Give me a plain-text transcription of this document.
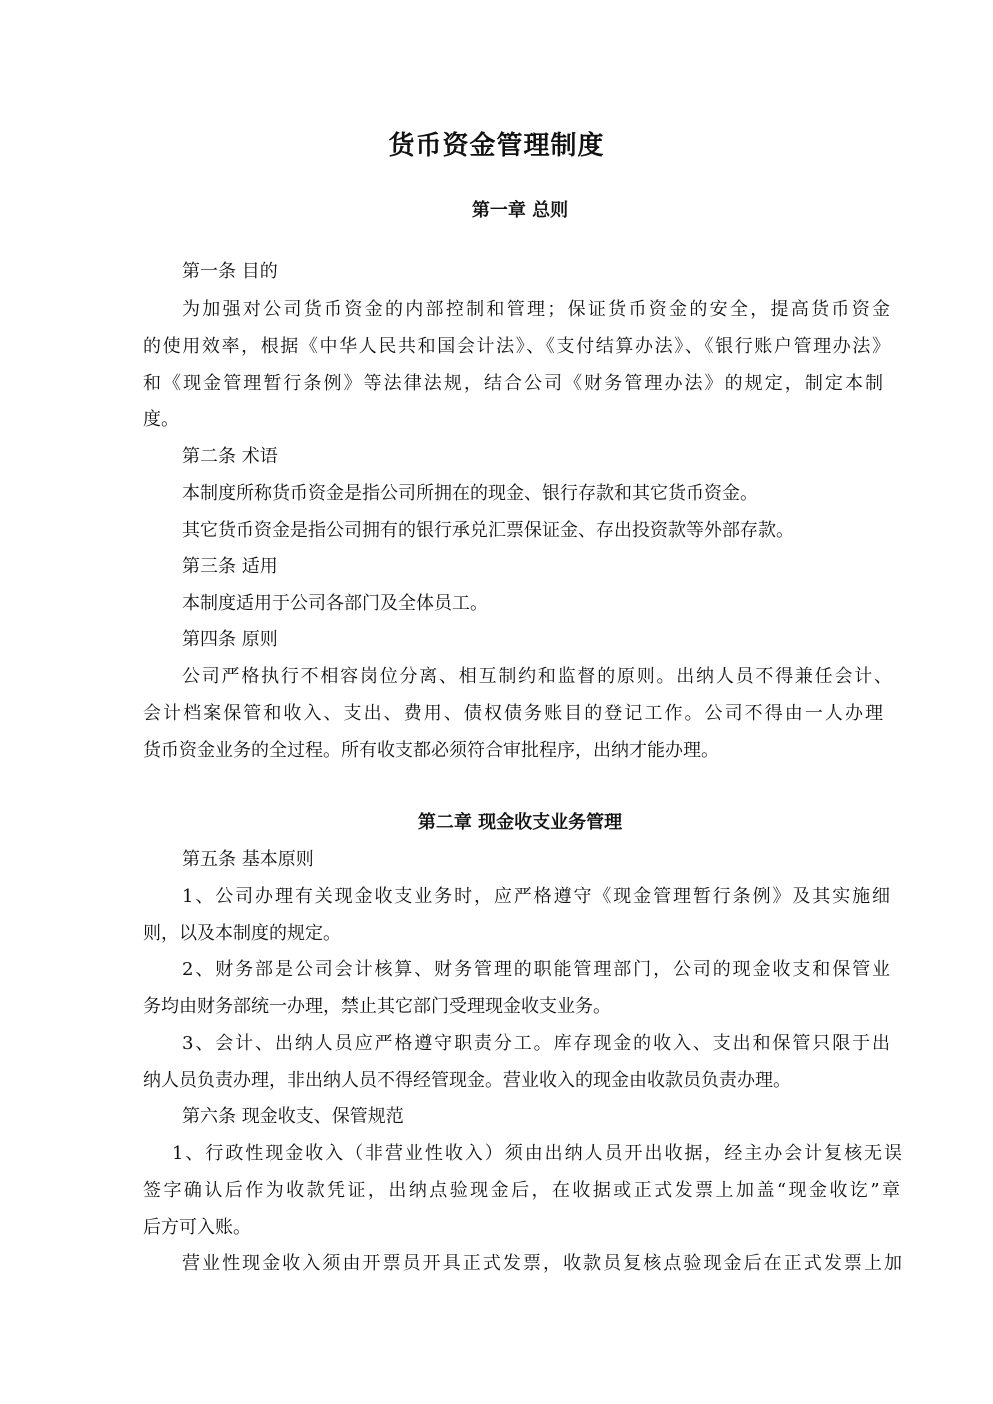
货币资金管理制度
第一章 总则
第一条 目的
为加强对公司货币资金的内部控制和管理；保证货币资金的安全，提高货币资金
的使用效率，根据《中华人民共和国会计法》、《支付结算办法》、《银行账户管理办法》
和《现金管理暂行条例》等法律法规，结合公司《财务管理办法》的规定，制定本制
度。
第二条 术语
本制度所称货币资金是指公司所拥在的现金、银行存款和其它货币资金。
其它货币资金是指公司拥有的银行承兑汇票保证金、存出投资款等外部存款。
第三条 适用
本制度适用于公司各部门及全体员工。
第四条 原则
公司严格执行不相容岗位分离、相互制约和监督的原则。出纳人员不得兼任会计、
会计档案保管和收入、支出、费用、债权债务账目的登记工作。公司不得由一人办理
货币资金业务的全过程。所有收支都必须符合审批程序，出纳才能办理。
第二章 现金收支业务管理
第五条 基本原则
1、公司办理有关现金收支业务时，应严格遵守《现金管理暂行条例》及其实施细
则，以及本制度的规定。
2、财务部是公司会计核算、财务管理的职能管理部门，公司的现金收支和保管业
务均由财务部统一办理，禁止其它部门受理现金收支业务。
3、会计、出纳人员应严格遵守职责分工。库存现金的收入、支出和保管只限于出
纳人员负责办理，非出纳人员不得经管现金。营业收入的现金由收款员负责办理。
第六条 现金收支、保管规范
1、行政性现金收入（非营业性收入）须由出纳人员开出收据，经主办会计复核无误
签字确认后作为收款凭证，出纳点验现金后，在收据或正式发票上加盖“现金收讫”章
后方可入账。
营业性现金收入须由开票员开具正式发票，收款员复核点验现金后在正式发票上加
